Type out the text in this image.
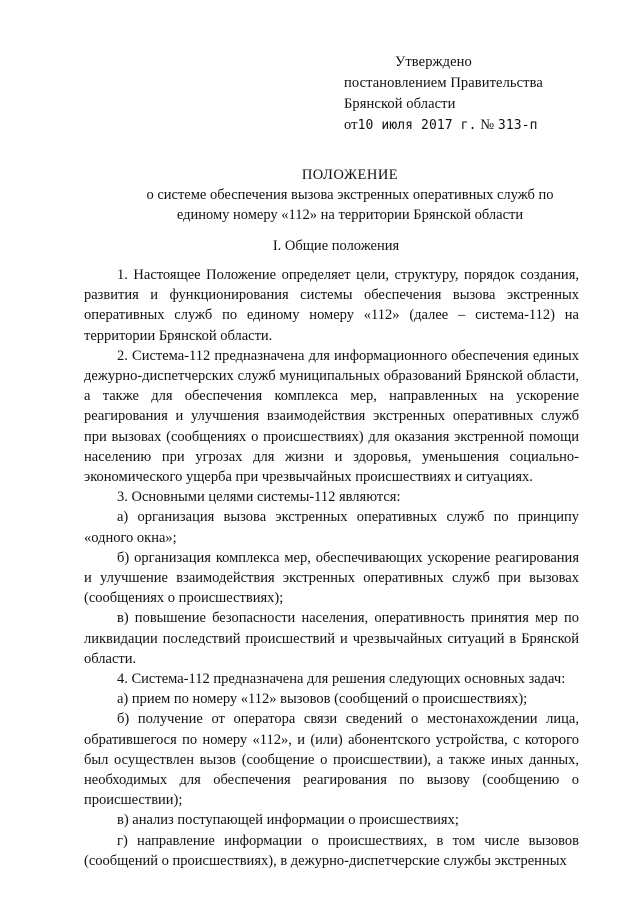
Утверждено
постановлением Правительства
Брянской области
от10 июля 2017 г. № 313-п
ПОЛОЖЕНИЕ
о системе обеспечения вызова экстренных оперативных служб по
единому номеру «112» на территории Брянской области
I. Общие положения

1. Настоящее Положение определяет цели, структуру, порядок создания, развития и функционирования системы обеспечения вызова экстренных оперативных служб по единому номеру «112» (далее – система-112) на территории Брянской области.

2. Система-112 предназначена для информационного обеспечения единых дежурно-диспетчерских служб муниципальных образований Брянской области, а также для обеспечения комплекса мер, направленных на ускорение реагирования и улучшения взаимодействия экстренных оперативных служб при вызовах (сообщениях о происшествиях) для оказания экстренной помощи населению при угрозах для жизни и здоровья, уменьшения социально-экономического ущерба при чрезвычайных происшествиях и ситуациях.

3. Основными целями системы-112 являются:

а) организация вызова экстренных оперативных служб по принципу «одного окна»;

б) организация комплекса мер, обеспечивающих ускорение реагирования и улучшение взаимодействия экстренных оперативных служб при вызовах (сообщениях о происшествиях);

в) повышение безопасности населения, оперативность принятия мер по ликвидации последствий происшествий и чрезвычайных ситуаций в Брянской области.

4. Система-112 предназначена для решения следующих основных задач:

а) прием по номеру «112» вызовов (сообщений о происшествиях);

б) получение от оператора связи сведений о местонахождении лица, обратившегося по номеру «112», и (или) абонентского устройства, с которого был осуществлен вызов (сообщение о происшествии), а также иных данных, необходимых для обеспечения реагирования по вызову (сообщению о происшествии);

в) анализ поступающей информации о происшествиях;

г) направление информации о происшествиях, в том числе вызовов (сообщений о происшествиях), в дежурно-диспетчерские службы экстренных
